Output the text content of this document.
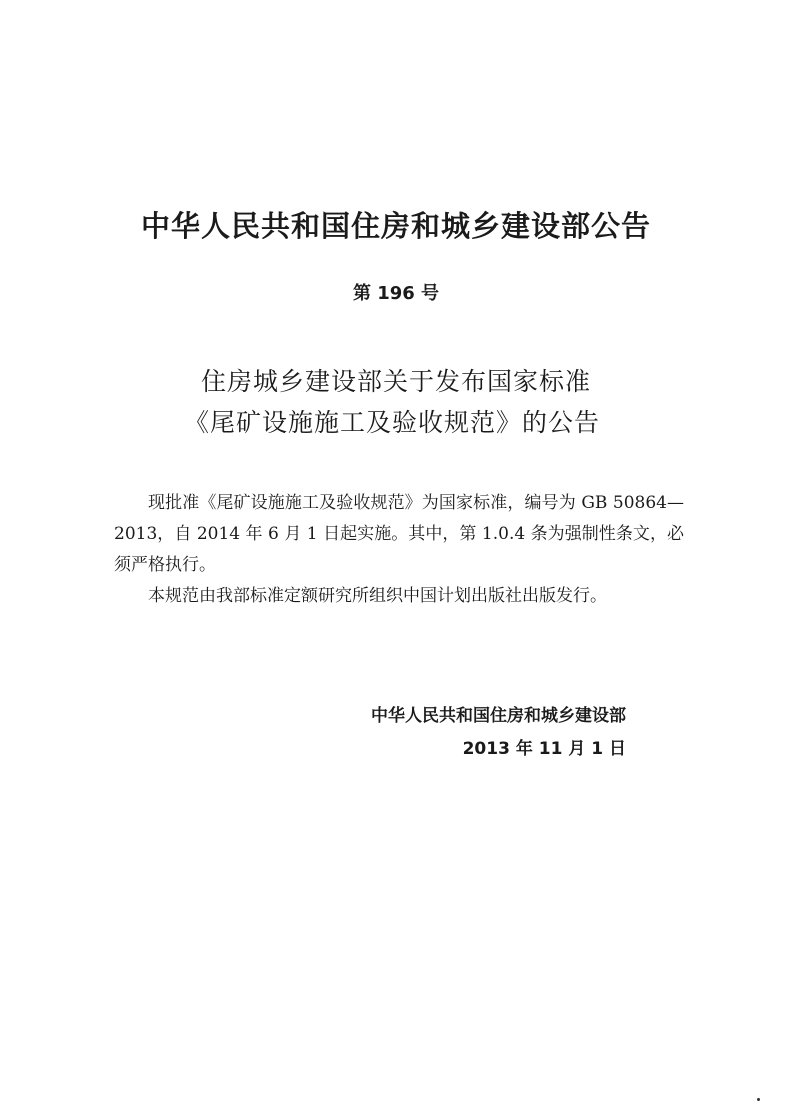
中华人民共和国住房和城乡建设部公告
第 196 号
住房城乡建设部关于发布国家标准
《尾矿设施施工及验收规范》的公告

现批准《尾矿设施施工及验收规范》为国家标准，编号为 GB 50864—2013，自 2014 年 6 月 1 日起实施。其中，第 1.0.4 条为强制性条文，必须严格执行。

本规范由我部标准定额研究所组织中国计划出版社出版发行。

中华人民共和国住房和城乡建设部
2013 年 11 月 1 日
